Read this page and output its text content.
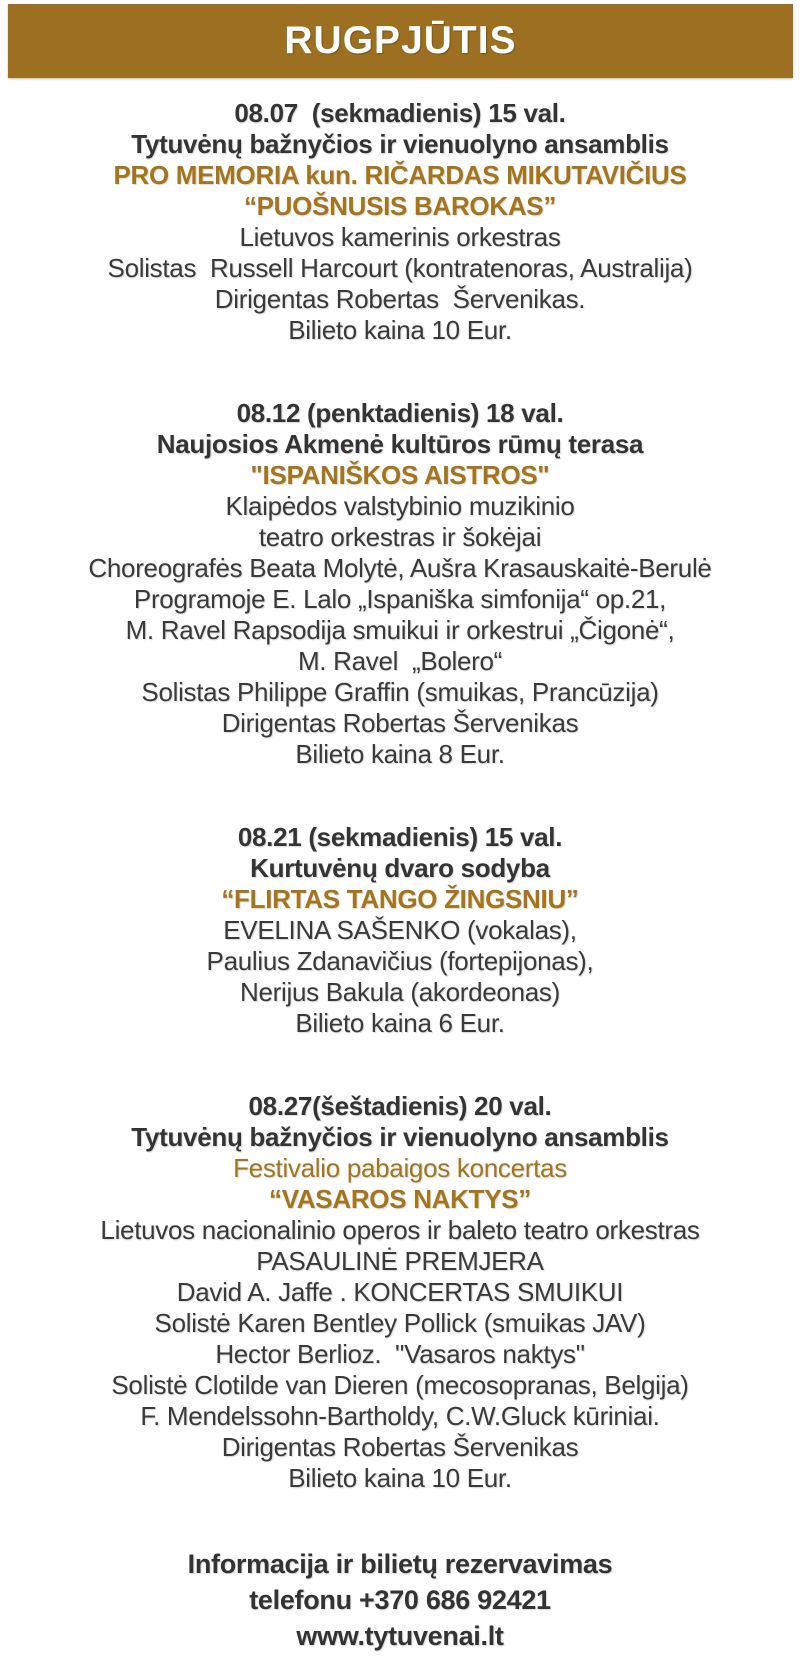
RUGPJŪTIS
08.07  (sekmadienis) 15 val.
Tytuvėnų bažnyčios ir vienuolyno ansamblis
PRO MEMORIA kun. RIČARDAS MIKUTAVIČIUS
“PUOŠNUSIS BAROKAS”
Lietuvos kamerinis orkestras
Solistas  Russell Harcourt (kontratenoras, Australija)
Dirigentas Robertas  Šervenikas.
Bilieto kaina 10 Eur.
08.12 (penktadienis) 18 val.
Naujosios Akmenė kultūros rūmų terasa
"ISPANIŠKOS AISTROS"
Klaipėdos valstybinio muzikinio
teatro orkestras ir šokėjai
Choreografės Beata Molytė, Aušra Krasauskaitė-Berulė
Programoje E. Lalo „Ispaniška simfonija“ op.21,
M. Ravel Rapsodija smuikui ir orkestrui „Čigonė“,
M. Ravel  „Bolero“
Solistas Philippe Graffin (smuikas, Prancūzija)
Dirigentas Robertas Šervenikas
Bilieto kaina 8 Eur.
08.21 (sekmadienis) 15 val.
Kurtuvėnų dvaro sodyba
“FLIRTAS TANGO ŽINGSNIU”
EVELINA SAŠENKO (vokalas),
Paulius Zdanavičius (fortepijonas),
Nerijus Bakula (akordeonas)
Bilieto kaina 6 Eur.
08.27(šeštadienis) 20 val.
Tytuvėnų bažnyčios ir vienuolyno ansamblis
Festivalio pabaigos koncertas
“VASAROS NAKTYS”
Lietuvos nacionalinio operos ir baleto teatro orkestras
PASAULINĖ PREMJERA
David A. Jaffe . KONCERTAS SMUIKUI
Solistė Karen Bentley Pollick (smuikas JAV)
Hector Berlioz.  "Vasaros naktys"
Solistė Clotilde van Dieren (mecosopranas, Belgija)
F. Mendelssohn-Bartholdy, C.W.Gluck kūriniai.
Dirigentas Robertas Šervenikas
Bilieto kaina 10 Eur.
Informacija ir bilietų rezervavimas
telefonu +370 686 92421
www.tytuvenai.lt
